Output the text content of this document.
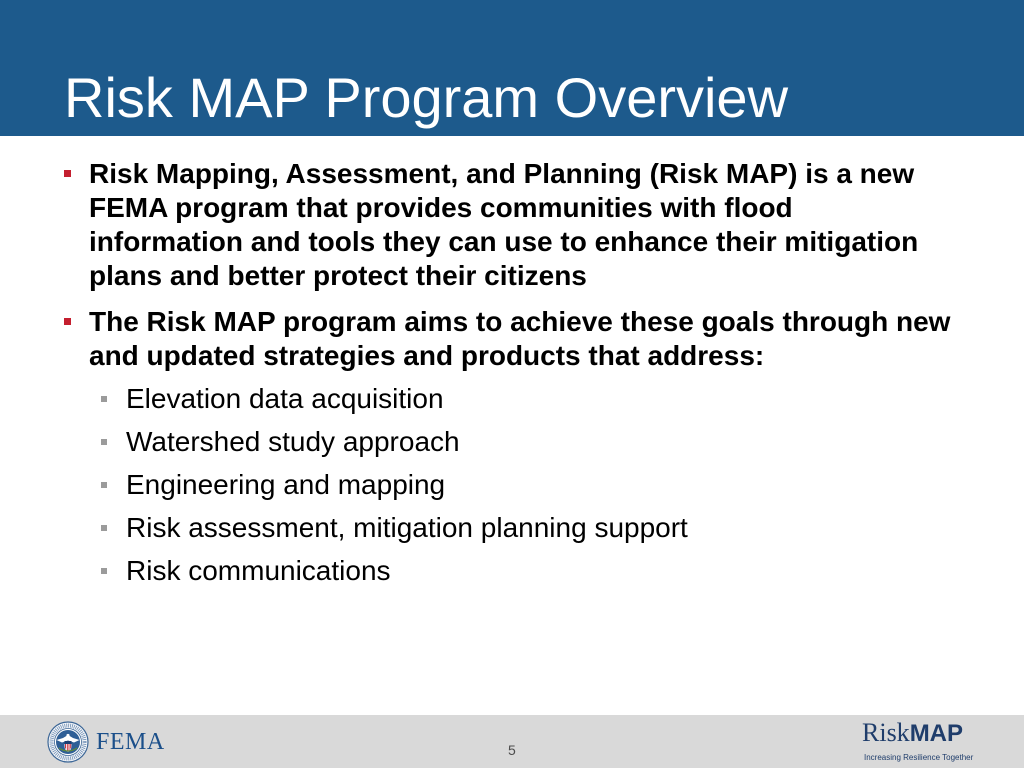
Risk MAP Program Overview
Risk Mapping, Assessment, and Planning (Risk MAP) is a new
FEMA program that provides communities with flood
information and tools they can use to enhance their mitigation
plans and better protect their citizens
The Risk MAP program aims to achieve these goals through new
and updated strategies and products that address:
Elevation data acquisition
Watershed study approach
Engineering and mapping
Risk assessment, mitigation planning support
Risk communications
FEMA	5
RiskMAP
Increasing Resilience Together
